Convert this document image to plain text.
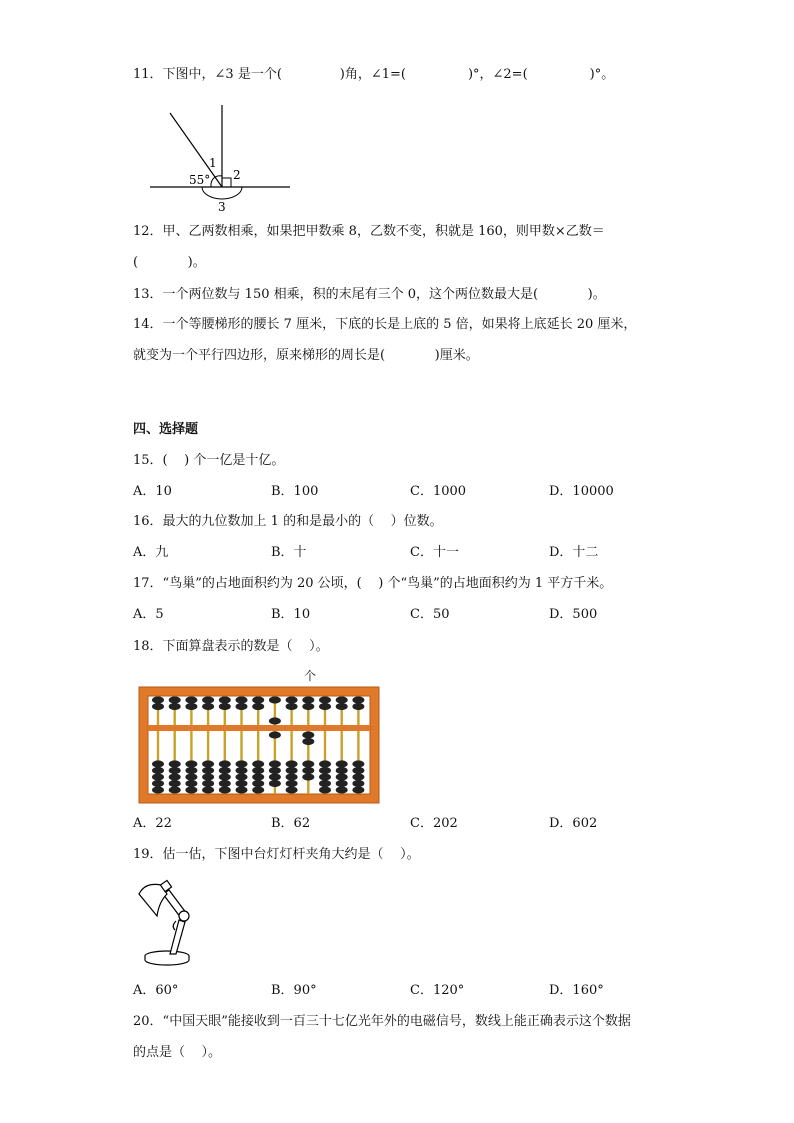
11．下图中，∠3 是一个(              )角，∠1=(               )°，∠2=(               )°。
55°
1
2
3
12．甲、乙两数相乘，如果把甲数乘 8，乙数不变，积就是 160，则甲数×乙数＝
(            )。
13．一个两位数与 150 相乘，积的末尾有三个 0，这个两位数最大是(            )。
14．一个等腰梯形的腰长 7 厘米，下底的长是上底的 5 倍，如果将上底延长 20 厘米，
就变为一个平行四边形，原来梯形的周长是(            )厘米。
四、选择题
15．(    ) 个一亿是十亿。
A．10	B．100	C．1000	D．10000
16．最大的九位数加上 1 的和是最小的（    ）位数。
A．九	B．十	C．十一	D．十二
17．“鸟巢”的占地面积约为 20 公顷，(    ) 个“鸟巢”的占地面积约为 1 平方千米。
A．5	B．10	C．50	D．500
18．下面算盘表示的数是（    ）。
个
A．22	B．62	C．202	D．602
19．估一估，下图中台灯灯杆夹角大约是（    ）。
A．60°	B．90°	C．120°	D．160°
20．“中国天眼”能接收到一百三十七亿光年外的电磁信号，数线上能正确表示这个数据
的点是（    ）。
